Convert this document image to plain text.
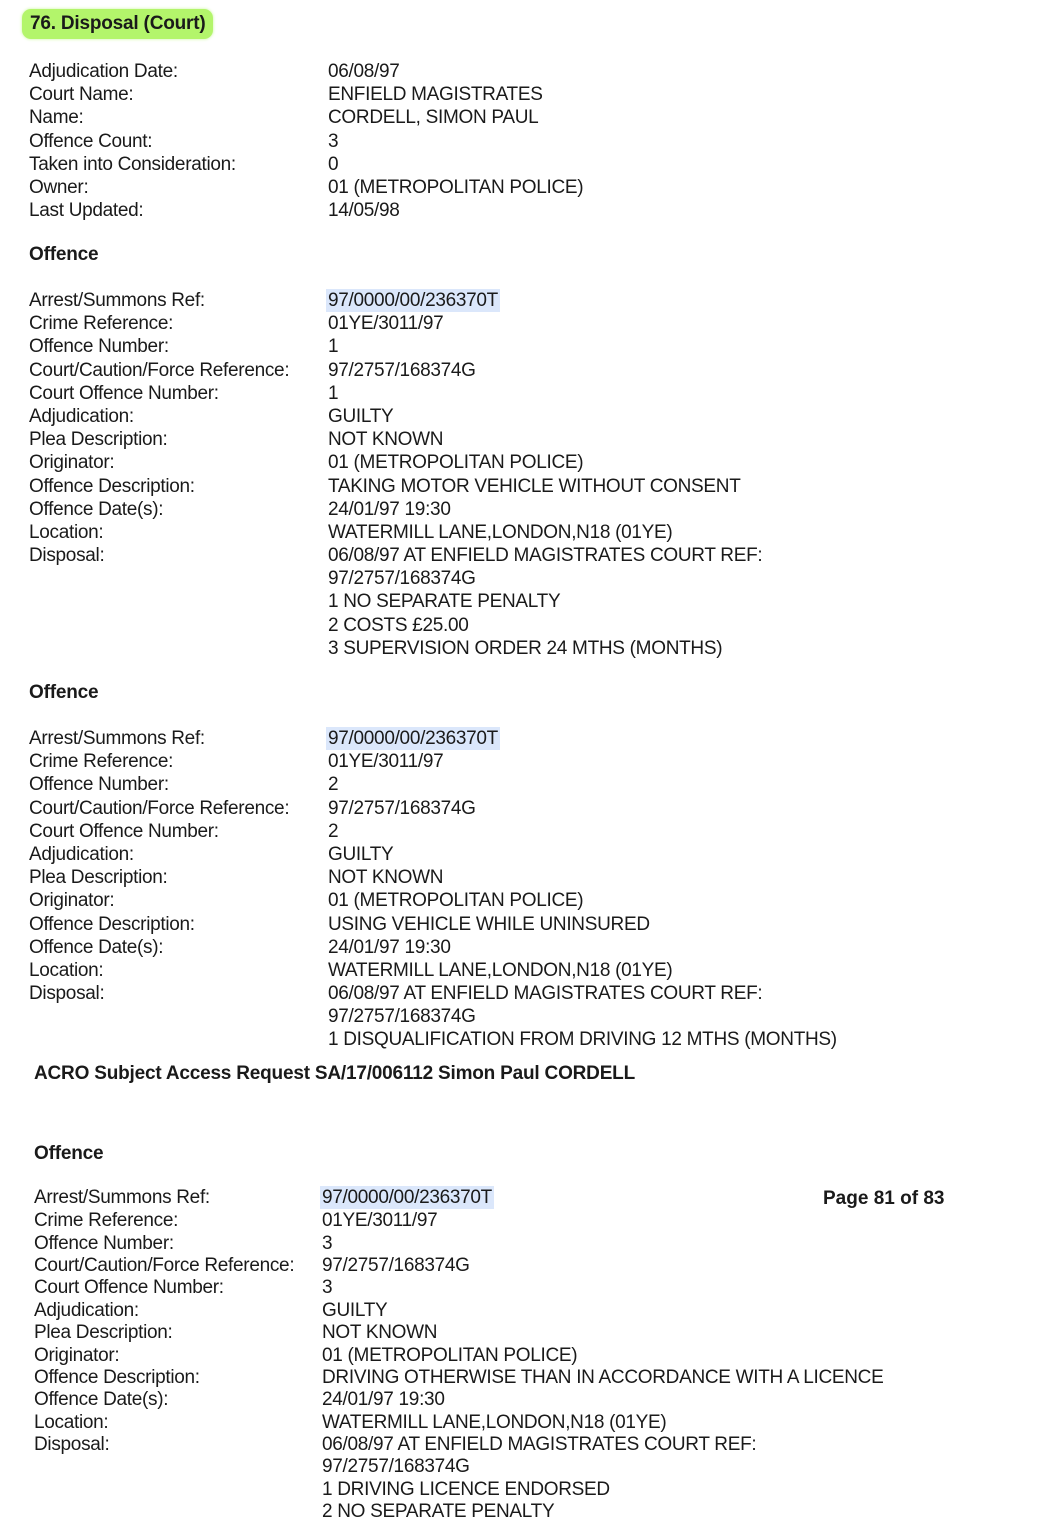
76. Disposal (Court)
Adjudication Date:	06/08/97
Court Name:	ENFIELD MAGISTRATES
Name:	CORDELL, SIMON PAUL
Offence Count:	3
Taken into Consideration:	0
Owner:	01 (METROPOLITAN POLICE)
Last Updated:	14/05/98
Offence
Arrest/Summons Ref:	97/0000/00/236370T
Crime Reference:	01YE/3011/97
Offence Number:	1
Court/Caution/Force Reference: 97/2757/168374G
Court Offence Number:	1
Adjudication:	GUILTY
Plea Description:	NOT KNOWN
Originator:	01 (METROPOLITAN POLICE)
Offence Description:	TAKING MOTOR VEHICLE WITHOUT CONSENT
Offence Date(s):	24/01/97 19:30
Location:	WATERMILL LANE,LONDON,N18 (01YE)
Disposal:	06/08/97 AT ENFIELD MAGISTRATES COURT REF:
97/2757/168374G
1 NO SEPARATE PENALTY
2 COSTS £25.00
3 SUPERVISION ORDER 24 MTHS (MONTHS)
Offence
Arrest/Summons Ref:	97/0000/00/236370T
Crime Reference:	01YE/3011/97
Offence Number:	2
Court/Caution/Force Reference: 97/2757/168374G
Court Offence Number:	2
Adjudication:	GUILTY
Plea Description:	NOT KNOWN
Originator:	01 (METROPOLITAN POLICE)
Offence Description:	USING VEHICLE WHILE UNINSURED
Offence Date(s):	24/01/97 19:30
Location:	WATERMILL LANE,LONDON,N18 (01YE)
Disposal:	06/08/97 AT ENFIELD MAGISTRATES COURT REF:
97/2757/168374G
1 DISQUALIFICATION FROM DRIVING 12 MTHS (MONTHS)
ACRO Subject Access Request SA/17/006112 Simon Paul CORDELL
Offence
Page 81 of 83
Arrest/Summons Ref:	97/0000/00/236370T
Crime Reference:	01YE/3011/97
Offence Number:	3
Court/Caution/Force Reference: 97/2757/168374G
Court Offence Number:	3
Adjudication:	GUILTY
Plea Description:	NOT KNOWN
Originator:	01 (METROPOLITAN POLICE)
Offence Description:	DRIVING OTHERWISE THAN IN ACCORDANCE WITH A LICENCE
Offence Date(s):	24/01/97 19:30
Location:	WATERMILL LANE,LONDON,N18 (01YE)
Disposal:	06/08/97 AT ENFIELD MAGISTRATES COURT REF:
97/2757/168374G
1 DRIVING LICENCE ENDORSED
2 NO SEPARATE PENALTY
